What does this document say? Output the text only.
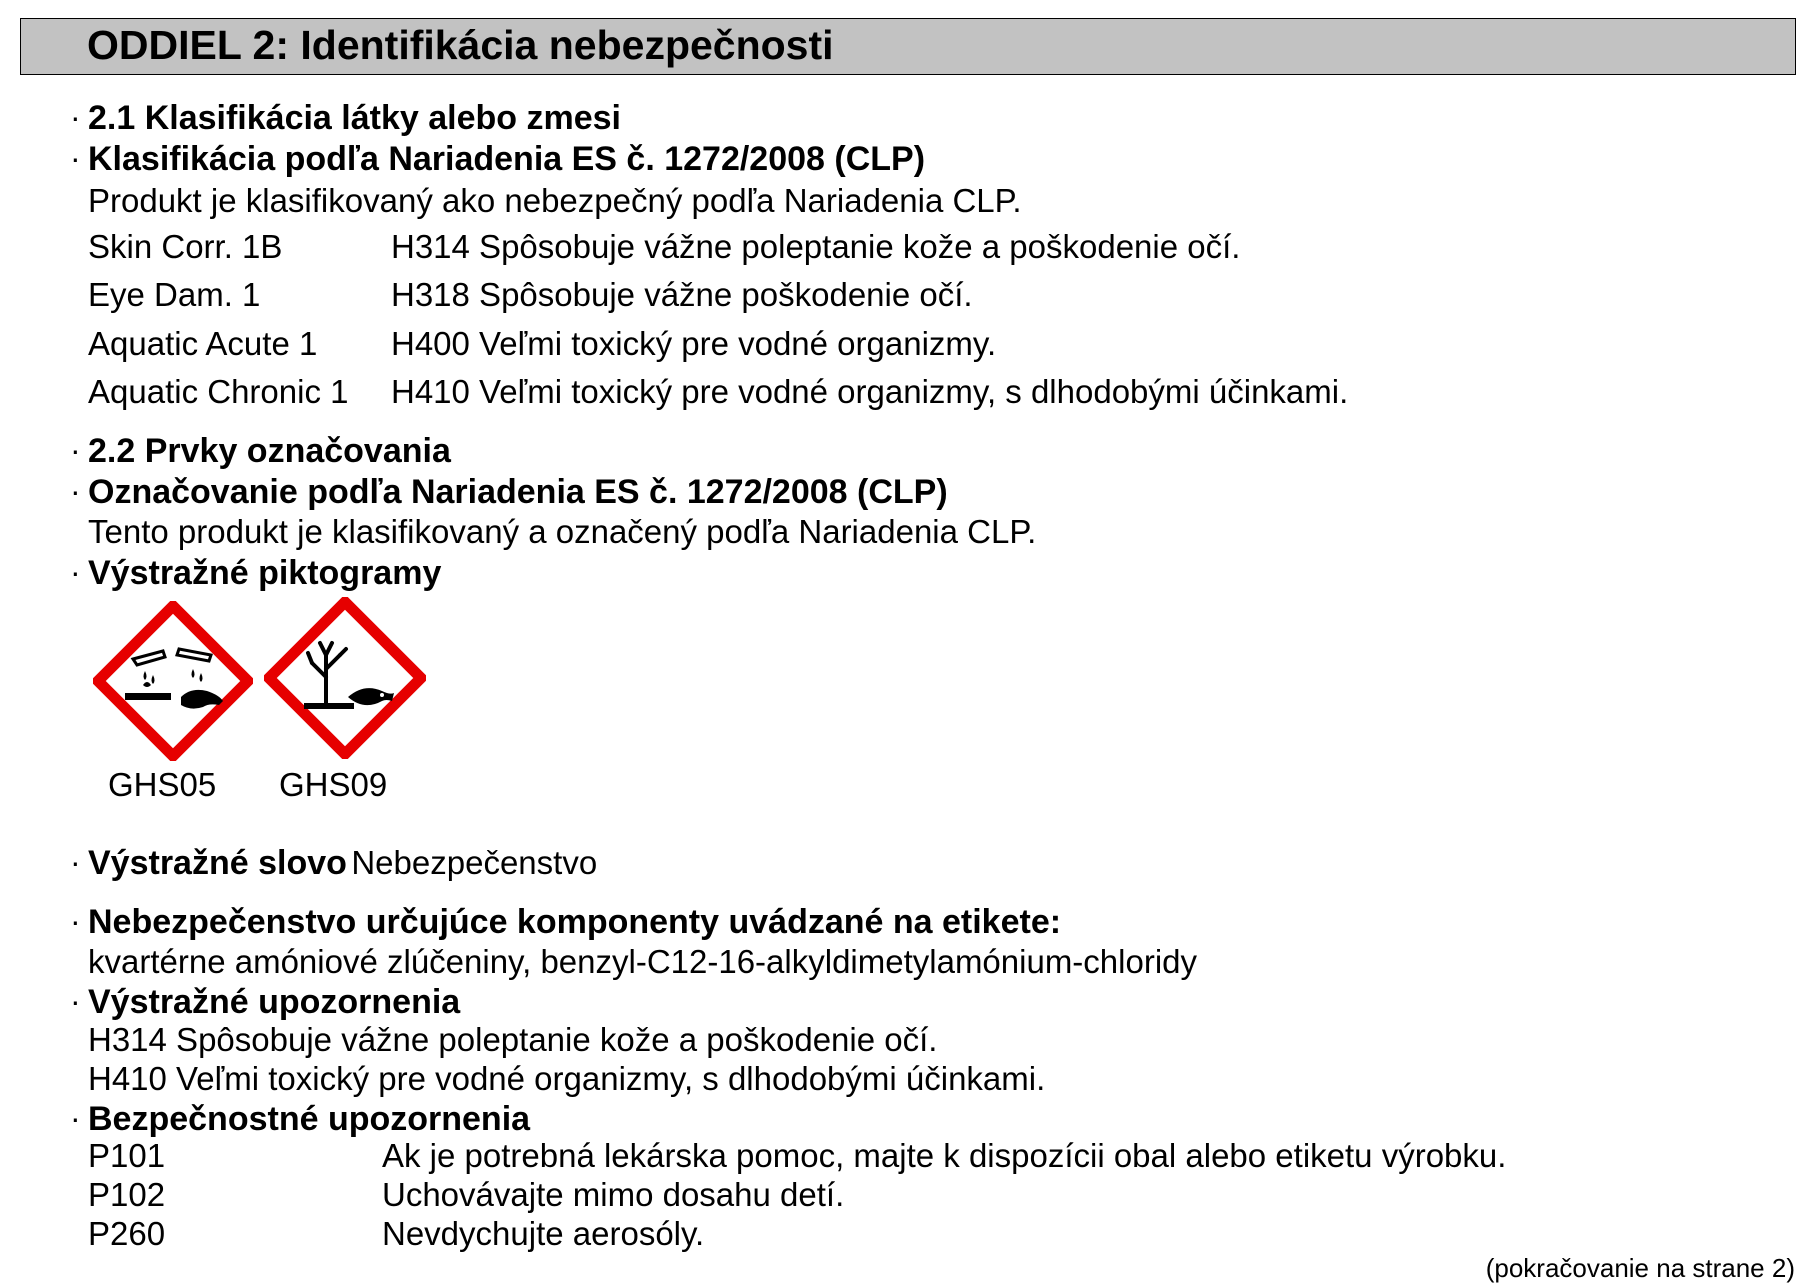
ODDIEL 2: Identifikácia nebezpečnosti
· 2.1 Klasifikácia látky alebo zmesi
· Klasifikácia podľa Nariadenia ES č. 1272/2008 (CLP)
Produkt je klasifikovaný ako nebezpečný podľa Nariadenia CLP.
Skin Corr. 1B	H314 Spôsobuje vážne poleptanie kože a poškodenie očí.
Eye Dam. 1	H318 Spôsobuje vážne poškodenie očí.
Aquatic Acute 1 H400 Veľmi toxický pre vodné organizmy.
Aquatic Chronic 1 H410 Veľmi toxický pre vodné organizmy, s dlhodobými účinkami.
· 2.2 Prvky označovania
· Označovanie podľa Nariadenia ES č. 1272/2008 (CLP)
Tento produkt je klasifikovaný a označený podľa Nariadenia CLP.
· Výstražné piktogramy
GHS05 GHS09
· Výstražné slovo Nebezpečenstvo
· Nebezpečenstvo určujúce komponenty uvádzané na etikete:
kvartérne amóniové zlúčeniny, benzyl-C12-16-alkyldimetylamónium-chloridy
· Výstražné upozornenia
H314 Spôsobuje vážne poleptanie kože a poškodenie očí.
H410 Veľmi toxický pre vodné organizmy, s dlhodobými účinkami.
· Bezpečnostné upozornenia
P101	Ak je potrebná lekárska pomoc, majte k dispozícii obal alebo etiketu výrobku.
P102	Uchovávajte mimo dosahu detí.
P260	Nevdychujte aerosóly.
(pokračovanie na strane 2)
